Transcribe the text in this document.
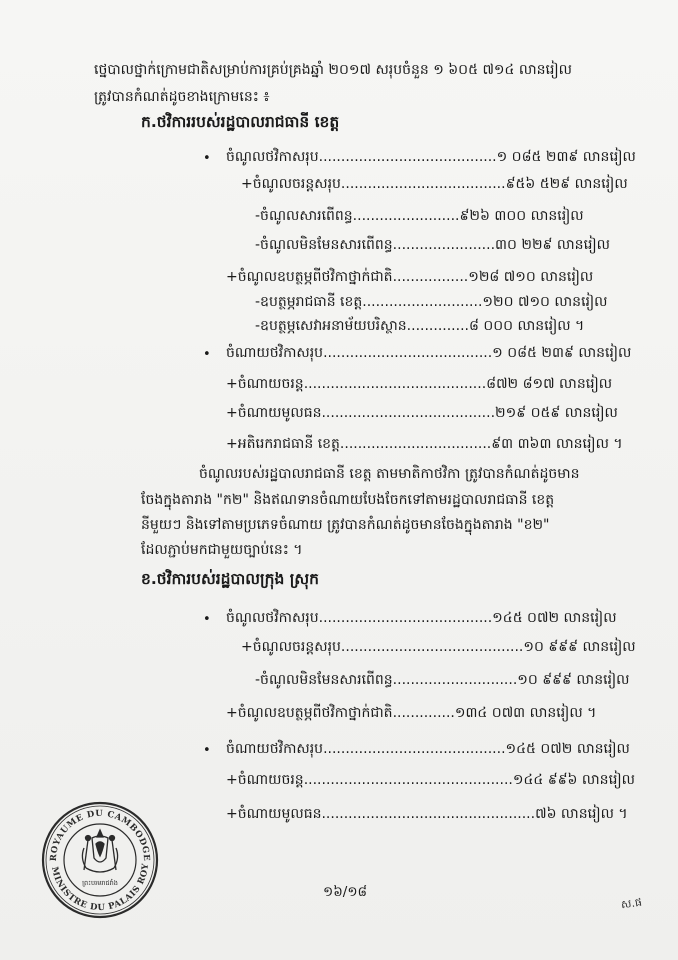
ថ្នេបាលថ្នាក់ក្រោមជាតិសម្រាប់ការគ្រប់គ្រងឆ្នាំ ២០១៧ សរុបចំនួន ១ ៦០៥ ៧១៤ លានរៀល
ត្រូវបានកំណត់ដូចខាងក្រោមនេះ ៖
ក.ថវិការរបស់រដ្ឋបាលរាជធានី ខេត្ត
• ចំណូលថវិកាសរុប........................................១ ០៨៥ ២៣៩ លានរៀល
+ចំណូលចរន្តសរុប.....................................៩៥៦ ៥២៩ លានរៀល
-ចំណូលសារពើពន្ធ........................៩២៦ ៣០០ លានរៀល
-ចំណូលមិនមែនសារពើពន្ធ.......................៣០ ២២៩ លានរៀល
+ចំណូលឧបត្ថម្ភពីថវិកាថ្នាក់ជាតិ.................១២៨ ៧១០ លានរៀល
-ឧបត្ថម្ភរាជធានី ខេត្ត...........................១២០ ៧១០ លានរៀល
-ឧបត្ថម្ភសេវាអនាម័យបរិស្ថាន..............៨ ០០០ លានរៀល ។
• ចំណាយថវិកាសរុប......................................១ ០៨៥ ២៣៩ លានរៀល
+ចំណាយចរន្ត.........................................៨៧២ ៨១៧ លានរៀល
+ចំណាយមូលធន.......................................២១៩ ០៥៩ លានរៀល
+អតិរេករាជធានី ខេត្ត..................................៩៣ ៣៦៣ លានរៀល ។
ចំណូលរបស់រដ្ឋបាលរាជធានី ខេត្ត តាមមាតិកាថវិកា ត្រូវបានកំណត់ដូចមាន
ចែងក្នុងតារាង "ក២" និងឥណទានចំណាយបែងចែកទៅតាមរដ្ឋបាលរាជធានី ខេត្ត
នីមួយៗ និងទៅតាមប្រភេទចំណាយ ត្រូវបានកំណត់ដូចមានចែងក្នុងតារាង "ខ២"
ដែលភ្ជាប់មកជាមួយច្បាប់នេះ ។
ខ.ថវិការបស់រដ្ឋបាលក្រុង ស្រុក
• ចំណូលថវិកាសរុប.......................................១៤៥ ០៧២ លានរៀល
+ចំណូលចរន្តសរុប.........................................១០ ៩៩៩ លានរៀល
-ចំណូលមិនមែនសារពើពន្ធ............................១០ ៩៩៩ លានរៀល
+ចំណូលឧបត្ថម្ភពីថវិកាថ្នាក់ជាតិ..............១៣៤ ០៧៣ លានរៀល ។
• ចំណាយថវិកាសរុប.........................................១៤៥ ០៧២ លានរៀល
+ចំណាយចរន្ត...............................................១៤៤ ៩៩៦ លានរៀល
+ចំណាយមូលធន................................................៧៦ លានរៀល ។
១៦/១៨
ស.ផ
ROYAUME DU CAMBODGE
MINISTRE DU PALAIS ROY
ព្រះបរមរាជវាំង
